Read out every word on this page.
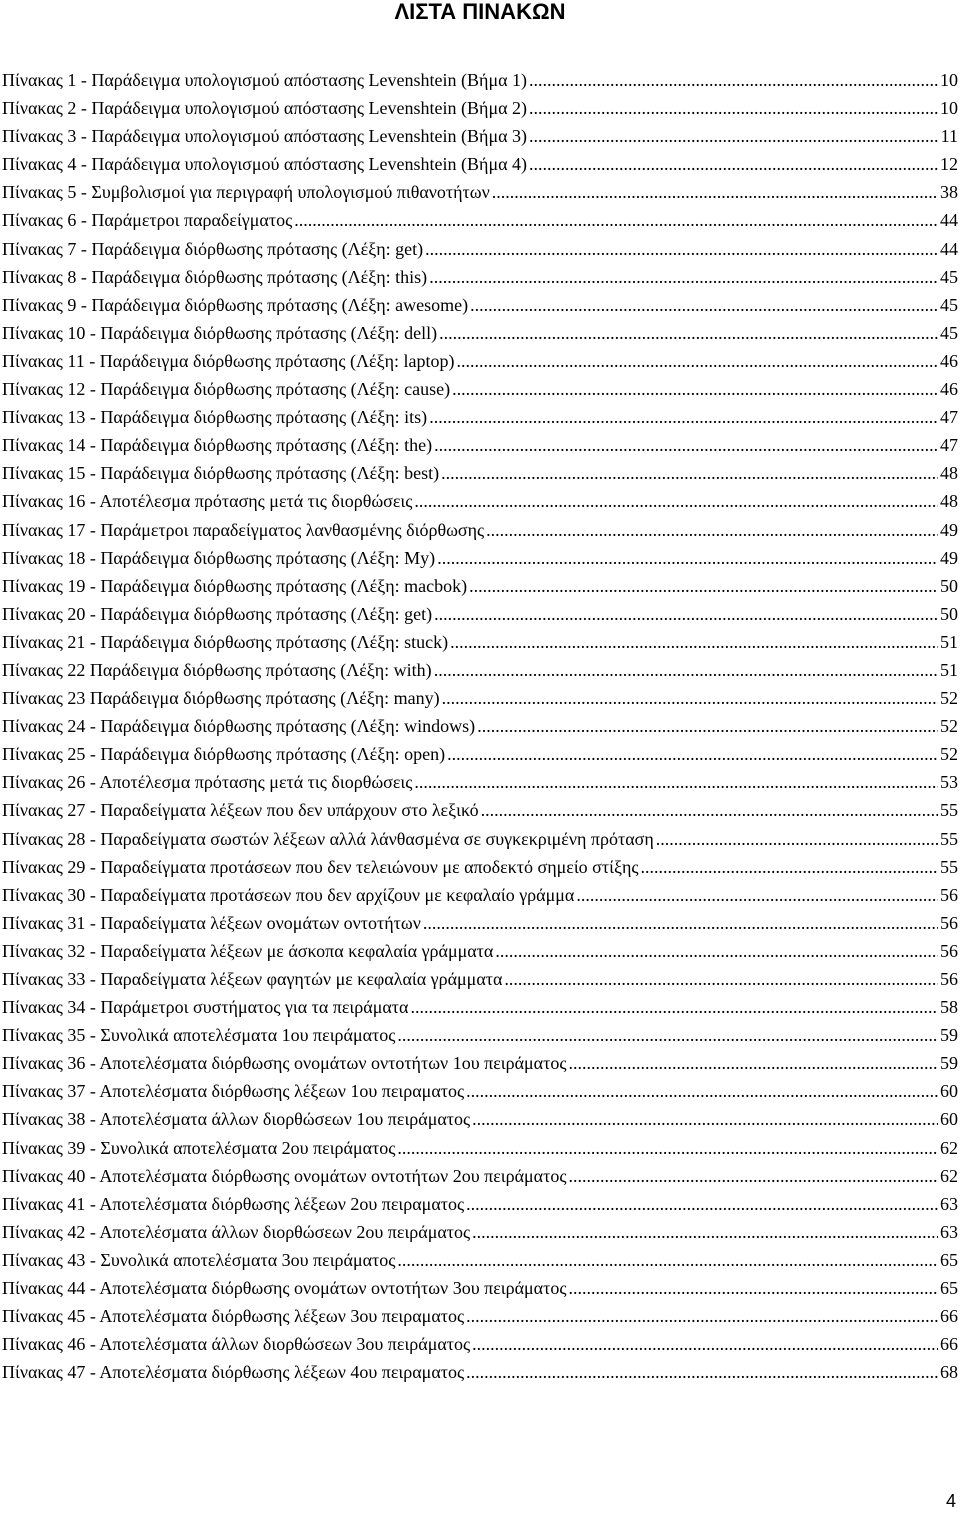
ΛΙΣΤΑ ΠΙΝΑΚΩΝ
Πίνακας 1 - Παράδειγμα υπολογισμού απόστασης Levenshtein (Βήμα 1) .....	10
Πίνακας 2 - Παράδειγμα υπολογισμού απόστασης Levenshtein (Βήμα 2) .....	10
Πίνακας 3 - Παράδειγμα υπολογισμού απόστασης Levenshtein (Βήμα 3) .....	11
Πίνακας 4 - Παράδειγμα υπολογισμού απόστασης Levenshtein (Βήμα 4) .....	12
Πίνακας 5 - Συμβολισμοί για περιγραφή υπολογισμού πιθανοτήτων .....	38
Πίνακας 6 - Παράμετροι παραδείγματος .....	44
Πίνακας 7 - Παράδειγμα διόρθωσης πρότασης (Λέξη: get) .....	44
Πίνακας 8 - Παράδειγμα διόρθωσης πρότασης (Λέξη: this) .....	45
Πίνακας 9 - Παράδειγμα διόρθωσης πρότασης (Λέξη: awesome) .....	45
Πίνακας 10 - Παράδειγμα διόρθωσης πρότασης (Λέξη: dell) .....	45
Πίνακας 11 - Παράδειγμα διόρθωσης πρότασης (Λέξη: laptop) .....	46
Πίνακας 12 - Παράδειγμα διόρθωσης πρότασης (Λέξη: cause) .....	46
Πίνακας 13 - Παράδειγμα διόρθωσης πρότασης (Λέξη: its) .....	47
Πίνακας 14 - Παράδειγμα διόρθωσης πρότασης (Λέξη: the) .....	47
Πίνακας 15 - Παράδειγμα διόρθωσης πρότασης (Λέξη: best) .....	48
Πίνακας 16 - Αποτέλεσμα πρότασης μετά τις διορθώσεις .....	48
Πίνακας 17 - Παράμετροι παραδείγματος λανθασμένης διόρθωσης .....	49
Πίνακας 18 - Παράδειγμα διόρθωσης πρότασης (Λέξη: My) .....	49
Πίνακας 19 - Παράδειγμα διόρθωσης πρότασης (Λέξη: macbok) .....	50
Πίνακας 20 - Παράδειγμα διόρθωσης πρότασης (Λέξη: get) .....	50
Πίνακας 21 - Παράδειγμα διόρθωσης πρότασης (Λέξη: stuck) .....	51
Πίνακας 22 Παράδειγμα διόρθωσης πρότασης (Λέξη: with) .....	51
Πίνακας 23 Παράδειγμα διόρθωσης πρότασης (Λέξη: many) .....	52
Πίνακας 24 - Παράδειγμα διόρθωσης πρότασης (Λέξη: windows) .....	52
Πίνακας 25 - Παράδειγμα διόρθωσης πρότασης (Λέξη: open) .....	52
Πίνακας 26 - Αποτέλεσμα πρότασης μετά τις διορθώσεις .....	53
Πίνακας 27 - Παραδείγματα λέξεων που δεν υπάρχουν στο λεξικό .....	55
Πίνακας 28 - Παραδείγματα σωστών λέξεων αλλά λάνθασμένα σε συγκεκριμένη πρόταση .....	55
Πίνακας 29 - Παραδείγματα προτάσεων που δεν τελειώνουν με αποδεκτό σημείο στίξης .....	55
Πίνακας 30 - Παραδείγματα προτάσεων που δεν αρχίζουν με κεφαλαίο γράμμα .....	56
Πίνακας 31 - Παραδείγματα λέξεων ονομάτων οντοτήτων .....	56
Πίνακας 32 - Παραδείγματα λέξεων με άσκοπα κεφαλαία γράμματα .....	56
Πίνακας 33 - Παραδείγματα λέξεων φαγητών με κεφαλαία γράμματα .....	56
Πίνακας 34 - Παράμετροι συστήματος για τα πειράματα .....	58
Πίνακας 35 - Συνολικά αποτελέσματα 1ου πειράματος .....	59
Πίνακας 36 - Αποτελέσματα διόρθωσης ονομάτων οντοτήτων 1ου πειράματος .....	59
Πίνακας 37 - Αποτελέσματα διόρθωσης λέξεων 1ου πειραματος .....	60
Πίνακας 38 - Αποτελέσματα άλλων διορθώσεων 1ου πειράματος .....	60
Πίνακας 39 - Συνολικά αποτελέσματα 2ου πειράματος .....	62
Πίνακας 40 - Αποτελέσματα διόρθωσης ονομάτων οντοτήτων 2ου πειράματος .....	62
Πίνακας 41 - Αποτελέσματα διόρθωσης λέξεων 2ου πειραματος .....	63
Πίνακας 42 - Αποτελέσματα άλλων διορθώσεων 2ου πειράματος .....	63
Πίνακας 43 - Συνολικά αποτελέσματα 3ου πειράματος .....	65
Πίνακας 44 - Αποτελέσματα διόρθωσης ονομάτων οντοτήτων 3ου πειράματος .....	65
Πίνακας 45 - Αποτελέσματα διόρθωσης λέξεων 3ου πειραματος .....	66
Πίνακας 46 - Αποτελέσματα άλλων διορθώσεων 3ου πειράματος .....	66
Πίνακας 47 - Αποτελέσματα διόρθωσης λέξεων 4ου πειραματος .....	68
4
